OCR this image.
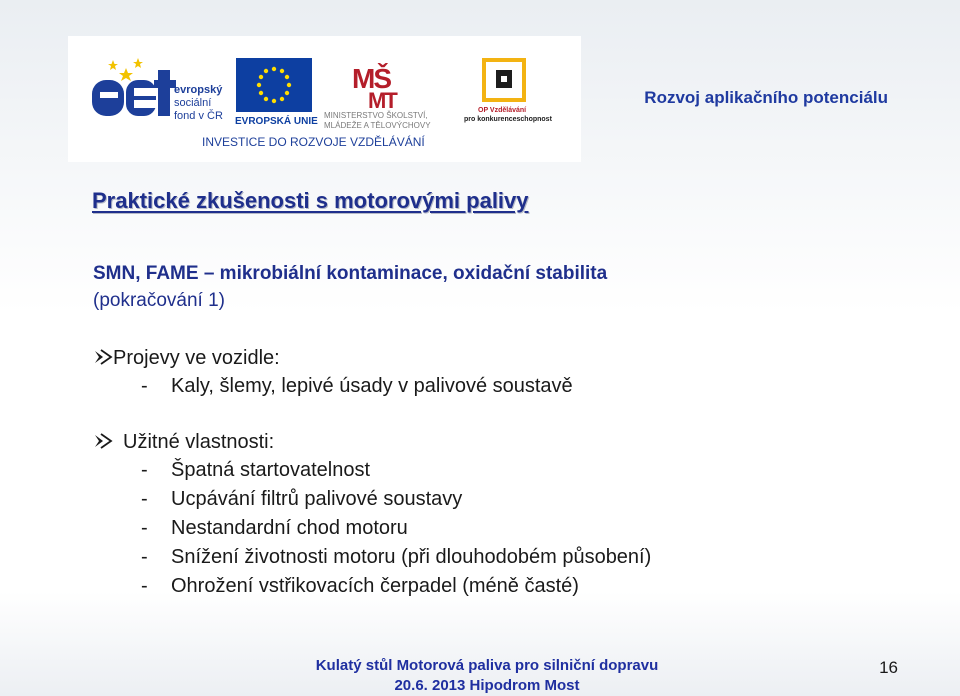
evropský
sociální
fond v ČR EVROPSKÁ UNIE
MŠ
MT
MINISTERSTVO ŠKOLSTVÍ,
MLÁDEŽE A TĚLOVÝCHOVY
OP Vzdělávání
pro konkurenceschopnost
INVESTICE DO ROZVOJE VZDĚLÁVÁNÍ
Rozvoj aplikačního potenciálu
Praktické zkušenosti s motorovými palivy
SMN, FAME – mikrobiální kontaminace, oxidační stabilita
(pokračování 1)
Projevy ve vozidle:
- Kaly, šlemy, lepivé úsady v palivové soustavě
Užitné vlastnosti:
- Špatná startovatelnost
- Ucpávání filtrů palivové soustavy
- Nestandardní chod motoru
- Snížení životnosti motoru (při dlouhodobém působení)
- Ohrožení vstřikovacích čerpadel (méně časté)
Kulatý stůl Motorová paliva pro silniční dopravu
20.6. 2013 Hipodrom Most
16
